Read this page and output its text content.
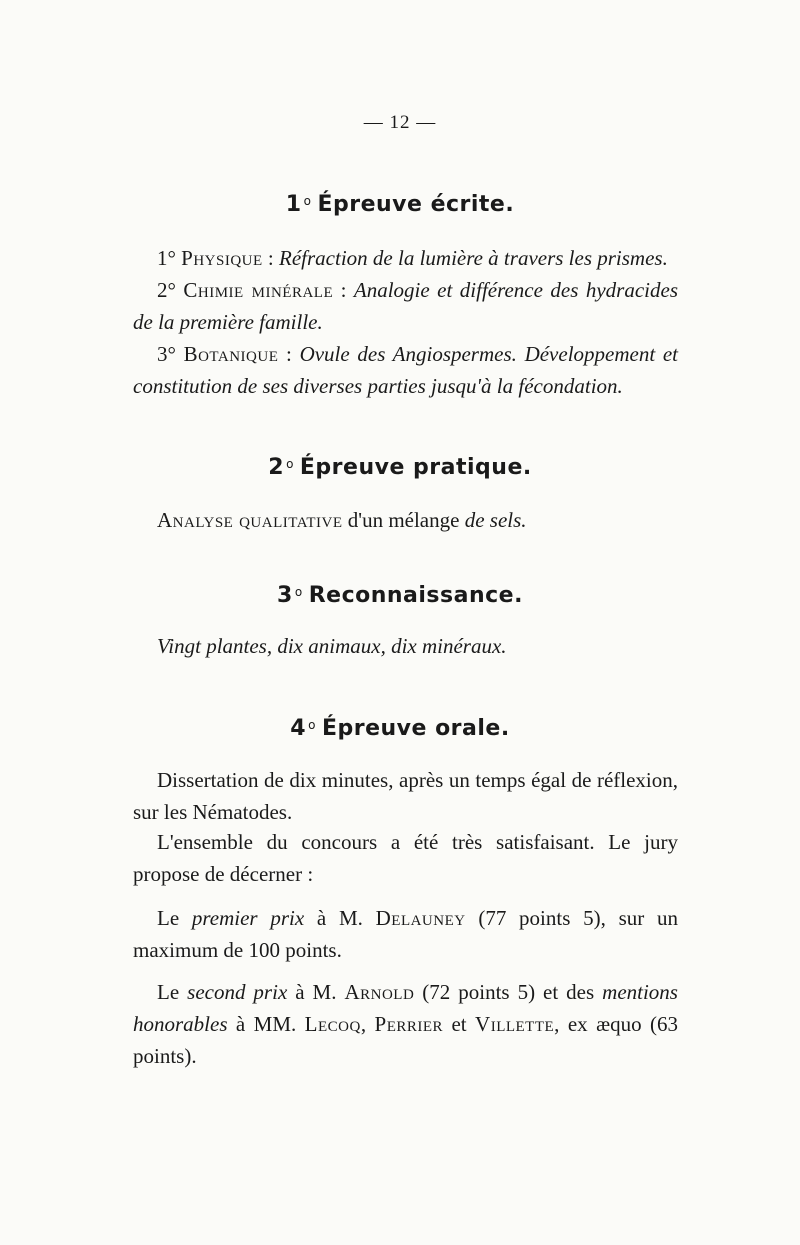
— 12 —
1 $^o$ Épreuve écrite.
1° Physique : Réfraction de la lumière à travers les prismes.
2° Chimie minérale : Analogie et différence des hydracides de la première famille.
3° Botanique : Ovule des Angiospermes. Développement et constitution de ses diverses parties jusqu'à la fécondation.
2 $^o$ Épreuve pratique.
Analyse qualitative d'un mélange de sels.
3 $^o$ Reconnaissance.
Vingt plantes, dix animaux, dix minéraux.
4 $^o$ Épreuve orale.
Dissertation de dix minutes, après un temps égal de réflexion, sur les Nématodes.
L'ensemble du concours a été très satisfaisant. Le jury propose de décerner :
Le premier prix à M. Delauney (77 points 5), sur un maximum de 100 points.
Le second prix à M. Arnold (72 points 5) et des mentions honorables à MM. Lecoq, Perrier et Villette, ex æquo (63 points).
